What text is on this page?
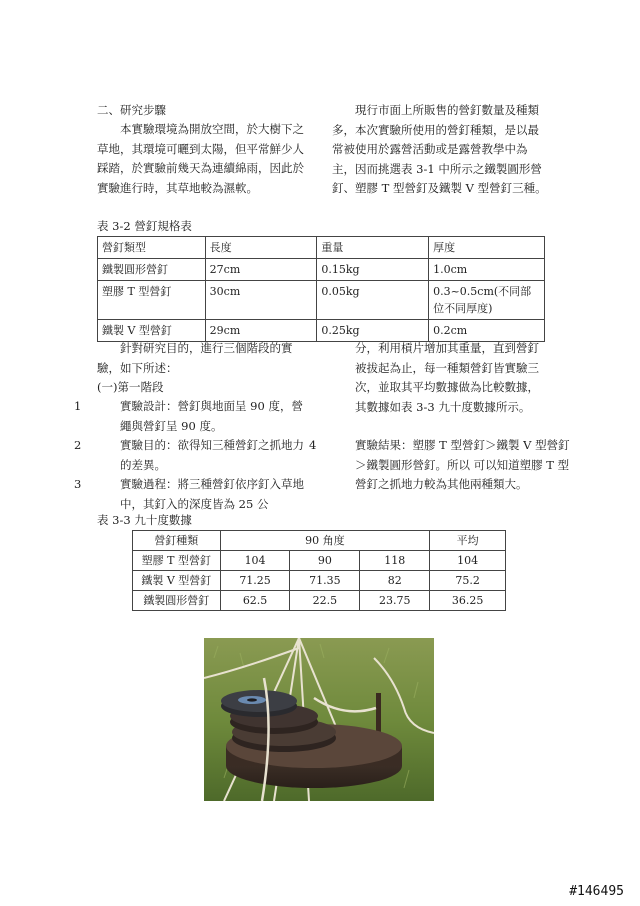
二、研究步驟

本實驗環境為開放空間，於大樹下之草地，其環境可曬到太陽，但平常鮮少人踩踏，於實驗前幾天為連續綿雨，因此於實驗進行時，其草地較為濕軟。

現行市面上所販售的營釘數量及種類多，本次實驗所使用的營釘種類，是以最常被使用於露營活動或是露營教學中為主，因而挑選表 3-1 中所示之鐵製圓形營釘、塑膠 T 型營釘及鐵製 V 型營釘三種。

表 3-2 營釘規格表
營釘類型	長度	重量	厚度
鐵製圓形營釘	27cm	0.15kg	1.0cm
塑膠 T 型營釘	30cm	0.05kg	0.3~0.5cm(不同部位不同厚度)
鐵製 V 型營釘	29cm	0.25kg	0.2cm

針對研究目的，進行三個階段的實驗，如下所述：

(一)第一階段

1	實驗設計：營釘與地面呈 90 度，營繩與營釘呈 90 度。
2	實驗目的：欲得知三種營釘之抓地力的差異。
3	實驗過程：將三種營釘依序釘入草地中，其釘入的深度皆為 25 公

分，利用槓片增加其重量，直到營釘被拔起為止，每一種類營釘皆實驗三次，並取其平均數據做為比較數據，其數據如表 3-3 九十度數據所示。

4	實驗結果：塑膠 T 型營釘＞鐵製 V 型營釘＞鐵製圓形營釘。所以 可以知道塑膠 T 型營釘之抓地力較為其他兩種類大。
表 3-3 九十度數據
營釘種類	90 角度			平均
塑膠 T 型營釘	104	90	118	104
鐵製 V 型營釘	71.25	71.35	82	75.2
鐵製圓形營釘	62.5	22.5	23.75	36.25
#146495
